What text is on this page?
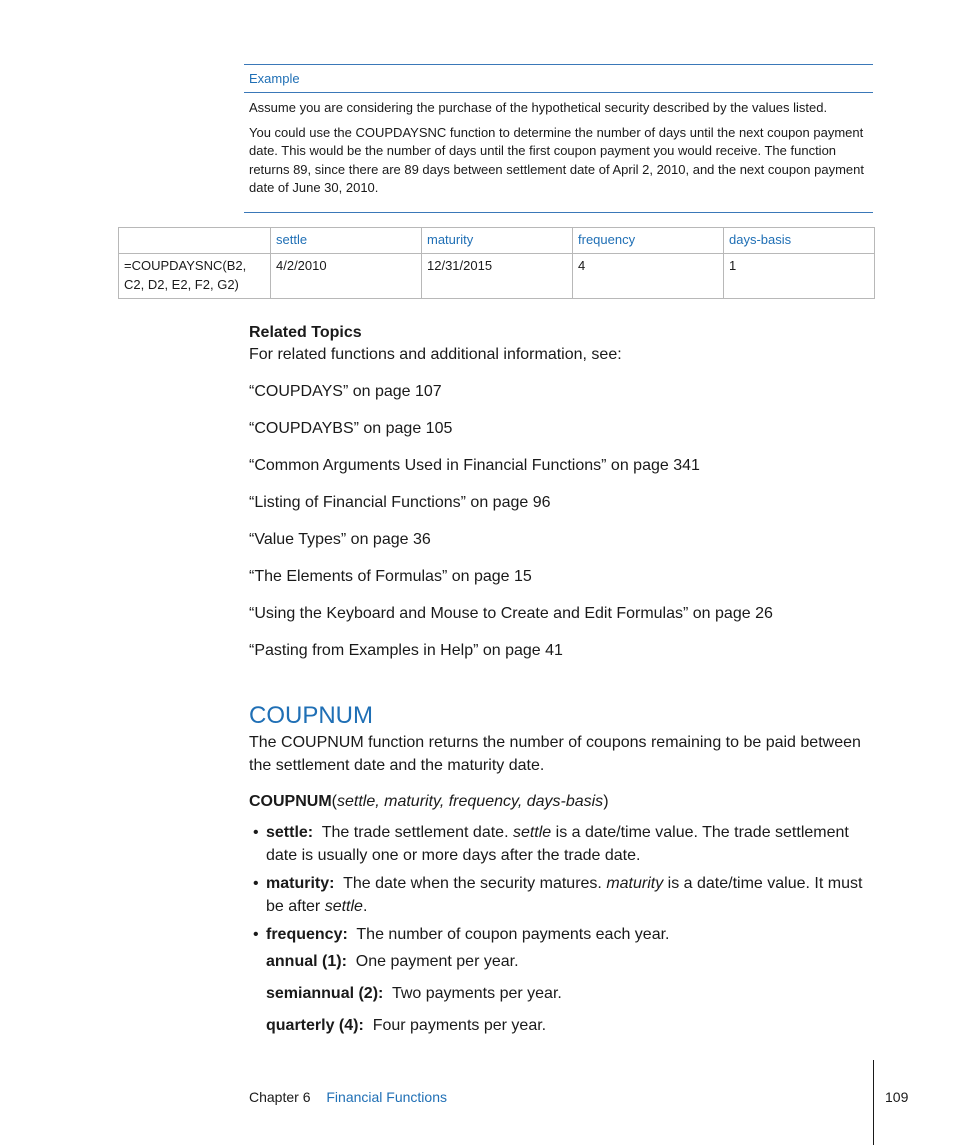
Example

Assume you are considering the purchase of the hypothetical security described by the values listed.

You could use the COUPDAYSNC function to determine the number of days until the next coupon payment date. This would be the number of days until the first coupon payment you would receive. The function returns 89, since there are 89 days between settlement date of April 2, 2010, and the next coupon payment date of June 30, 2010.

	settle	maturity	frequency	days-basis
=COUPDAYSNC(B2, C2, D2, E2, F2, G2)	4/2/2010	12/31/2015	4	1
Related Topics
For related functions and additional information, see:
“COUPDAYS” on page 107
“COUPDAYBS” on page 105
“Common Arguments Used in Financial Functions” on page 341
“Listing of Financial Functions” on page 96
“Value Types” on page 36
“The Elements of Formulas” on page 15
“Using the Keyboard and Mouse to Create and Edit Formulas” on page 26
“Pasting from Examples in Help” on page 41
COUPNUM
The COUPNUM function returns the number of coupons remaining to be paid between the settlement date and the maturity date.
COUPNUM(settle, maturity, frequency, days-basis)
• settle: The trade settlement date. settle is a date/time value. The trade settlement date is usually one or more days after the trade date.
• maturity: The date when the security matures. maturity is a date/time value. It must be after settle.
• frequency: The number of coupon payments each year.
annual (1): One payment per year.
semiannual (2): Two payments per year.
quarterly (4): Four payments per year.
Chapter 6 Financial Functions	109
